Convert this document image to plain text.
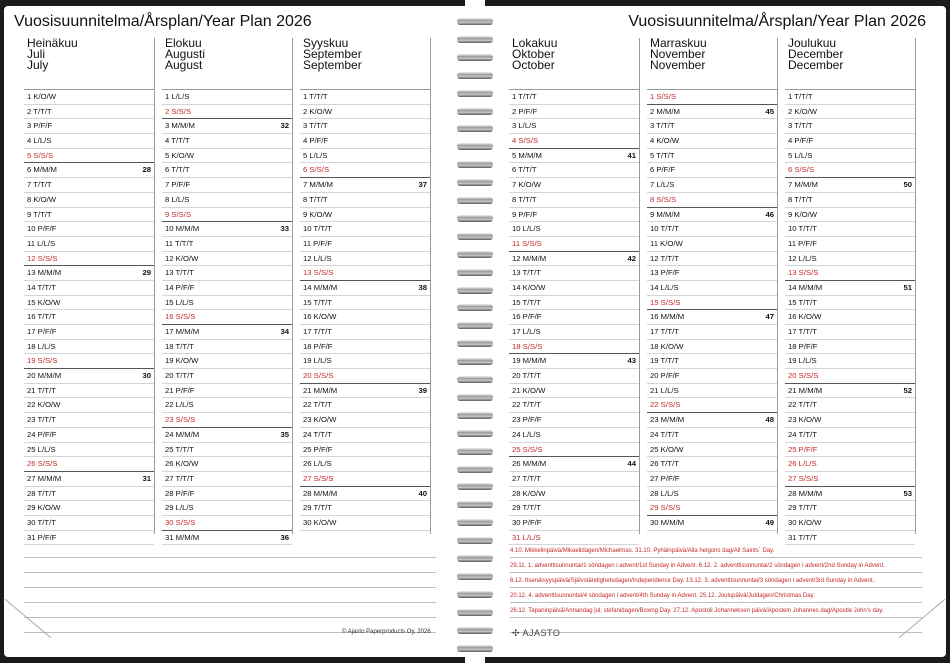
Vuosisuunnitelma/Årsplan/Year Plan 2026
Heinäkuu
Juli
July
1 K/O/W
2 T/T/T
3 P/F/F
4 L/L/S
5 S/S/S
6 M/M/M	28
7 T/T/T
8 K/O/W
9 T/T/T
10 P/F/F
11 L/L/S
12 S/S/S
13 M/M/M	29
14 T/T/T
15 K/O/W
16 T/T/T
17 P/F/F
18 L/L/S
19 S/S/S
20 M/M/M	30
21 T/T/T
22 K/O/W
23 T/T/T
24 P/F/F
25 L/L/S
26 S/S/S
27 M/M/M	31
28 T/T/T
29 K/O/W
30 T/T/T
31 P/F/F
Elokuu
Augusti
August
1 L/L/S
2 S/S/S
3 M/M/M	32
4 T/T/T
5 K/O/W
6 T/T/T
7 P/F/F
8 L/L/S
9 S/S/S
10 M/M/M	33
11 T/T/T
12 K/O/W
13 T/T/T
14 P/F/F
15 L/L/S
16 S/S/S
17 M/M/M	34
18 T/T/T
19 K/O/W
20 T/T/T
21 P/F/F
22 L/L/S
23 S/S/S
24 M/M/M	35
25 T/T/T
26 K/O/W
27 T/T/T
28 P/F/F
29 L/L/S
30 S/S/S
31 M/M/M	36
Syyskuu
September
September
1 T/T/T
2 K/O/W
3 T/T/T
4 P/F/F
5 L/L/S
6 S/S/S
7 M/M/M	37
8 T/T/T
9 K/O/W
10 T/T/T
11 P/F/F
12 L/L/S
13 S/S/S
14 M/M/M	38
15 T/T/T
16 K/O/W
17 T/T/T
18 P/F/F
19 L/L/S
20 S/S/S
21 M/M/M	39
22 T/T/T
23 K/O/W
24 T/T/T
25 P/F/F
26 L/L/S
27 S/S/S
28 M/M/M	40
29 T/T/T
30 K/O/W
© Ajasto Paperproducts Oy, 2026
Vuosisuunnitelma/Årsplan/Year Plan 2026
Lokakuu
Oktober
October
1 T/T/T
2 P/F/F
3 L/L/S
4 S/S/S
5 M/M/M	41
6 T/T/T
7 K/O/W
8 T/T/T
9 P/F/F
10 L/L/S
11 S/S/S
12 M/M/M	42
13 T/T/T
14 K/O/W
15 T/T/T
16 P/F/F
17 L/L/S
18 S/S/S
19 M/M/M	43
20 T/T/T
21 K/O/W
22 T/T/T
23 P/F/F
24 L/L/S
25 S/S/S
26 M/M/M	44
27 T/T/T
28 K/O/W
29 T/T/T
30 P/F/F
31 L/L/S
Marraskuu
November
November
1 S/S/S
2 M/M/M	45
3 T/T/T
4 K/O/W
5 T/T/T
6 P/F/F
7 L/L/S
8 S/S/S
9 M/M/M	46
10 T/T/T
11 K/O/W
12 T/T/T
13 P/F/F
14 L/L/S
15 S/S/S
16 M/M/M	47
17 T/T/T
18 K/O/W
19 T/T/T
20 P/F/F
21 L/L/S
22 S/S/S
23 M/M/M	48
24 T/T/T
25 K/O/W
26 T/T/T
27 P/F/F
28 L/L/S
29 S/S/S
30 M/M/M	49
Joulukuu
December
December
1 T/T/T
2 K/O/W
3 T/T/T
4 P/F/F
5 L/L/S
6 S/S/S
7 M/M/M	50
8 T/T/T
9 K/O/W
10 T/T/T
11 P/F/F
12 L/L/S
13 S/S/S
14 M/M/M	51
15 T/T/T
16 K/O/W
17 T/T/T
18 P/F/F
19 L/L/S
20 S/S/S
21 M/M/M	52
22 T/T/T
23 K/O/W
24 T/T/T
25 P/F/F
26 L/L/S
27 S/S/S
28 M/M/M	53
29 T/T/T
30 K/O/W
31 T/T/T
4.10. Mikkelinpäivä/Mikaelidagen/Michaelmas. 31.10. Pyhäinpäivä/Alla helgons dag/All Saints´ Day.
29.11. 1. adventtisunnuntai/1 söndagen i advent/1st Sunday in Advent. 6.12. 2. adventtisunnuntai/2 söndagen i advent/2nd Sunday in Advent.
6.12. Itsenäisyyspäivä/Självständighetsdagen/Independence Day. 13.12. 3. adventtisunnuntai/3 söndagen i advent/3rd Sunday in Advent.
20.12. 4. adventtisunnuntai/4 söndagen i advent/4th Sunday in Advent. 25.12. Joulupäivä/Juldagen/Christmas Day.
26.12. Tapaninpäivä/Annandag jul, stefanidagen/Boxing Day. 27.12. Apostoli Johanneksen päivä/Aposteln Johannes dag/Apostle John's day.
✣ AJASTO
